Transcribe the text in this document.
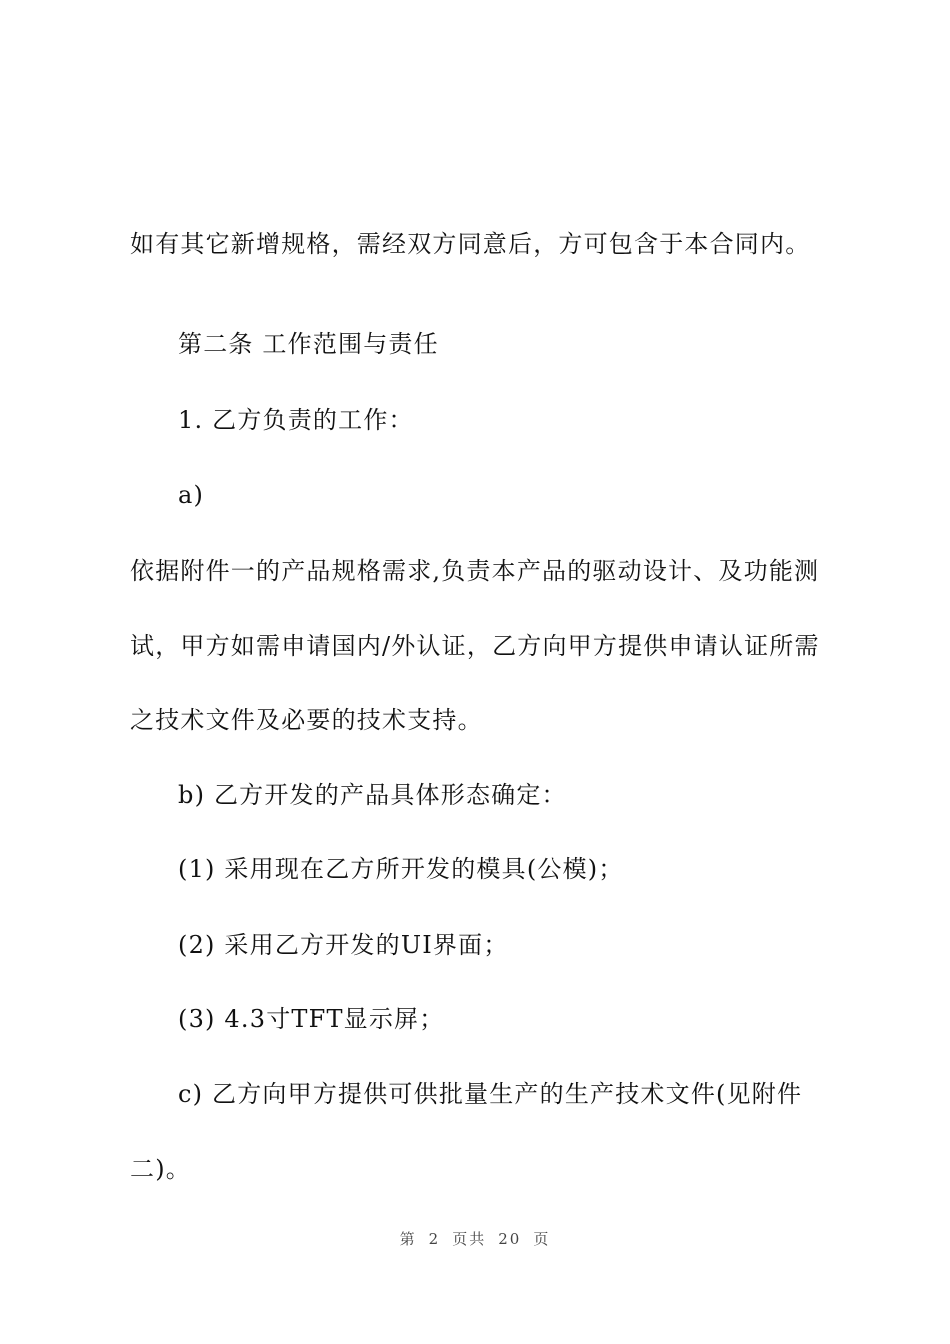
如有其它新增规格，需经双方同意后，方可包含于本合同内。
第二条 工作范围与责任
1. 乙方负责的工作：
a)
依据附件一的产品规格需求,负责本产品的驱动设计、及功能测
试，甲方如需申请国内/外认证，乙方向甲方提供申请认证所需
之技术文件及必要的技术支持。
b) 乙方开发的产品具体形态确定：
(1) 采用现在乙方所开发的模具(公模)；
(2) 采用乙方开发的UI界面；
(3) 4.3寸TFT显示屏；
c) 乙方向甲方提供可供批量生产的生产技术文件(见附件
二)。
第 2 页共 20 页
